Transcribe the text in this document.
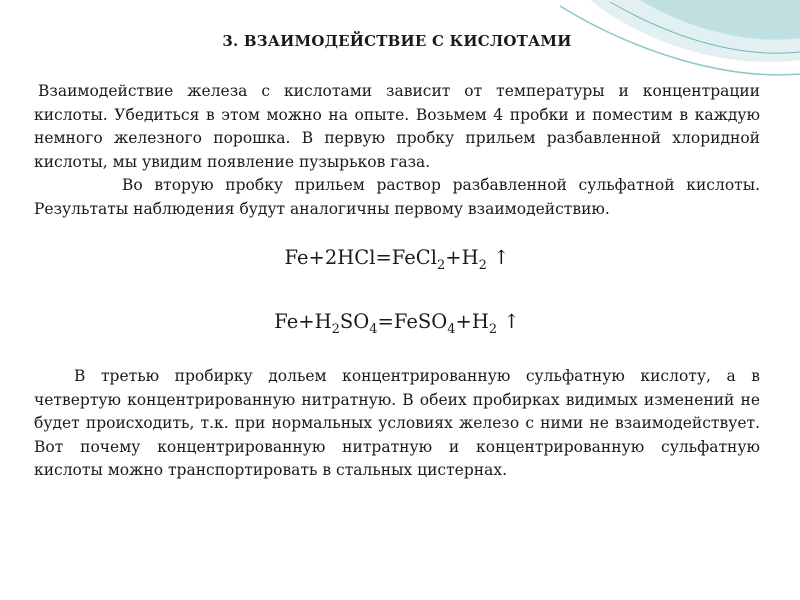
3. ВЗАИМОДЕЙСТВИЕ С КИСЛОТАМИ

Взаимодействие железа с кислотами зависит от температуры и концентрации кислоты. Убедиться в этом можно на опыте. Возьмем 4 пробки и поместим в каждую немного железного порошка. В первую пробку прильем разбавленной хлоридной кислоты, мы увидим появление пузырьков газа.

Во вторую пробку прильем раствор разбавленной сульфатной кислоты. Результаты наблюдения будут аналогичны первому взаимодействию.

$Fe+2HCl=FeCl_2+H_2$ ↑

$Fe+H_2SO_4=FeSO_4+H_2$ ↑

В третью пробирку дольем концентрированную сульфатную кислоту, а в четвертую концентрированную нитратную. В обеих пробирках видимых изменений не будет происходить, т.к. при нормальных условиях железо с ними не взаимодействует. Вот почему концентрированную нитратную и концентрированную сульфатную кислоты можно транспортировать в стальных цистернах.
